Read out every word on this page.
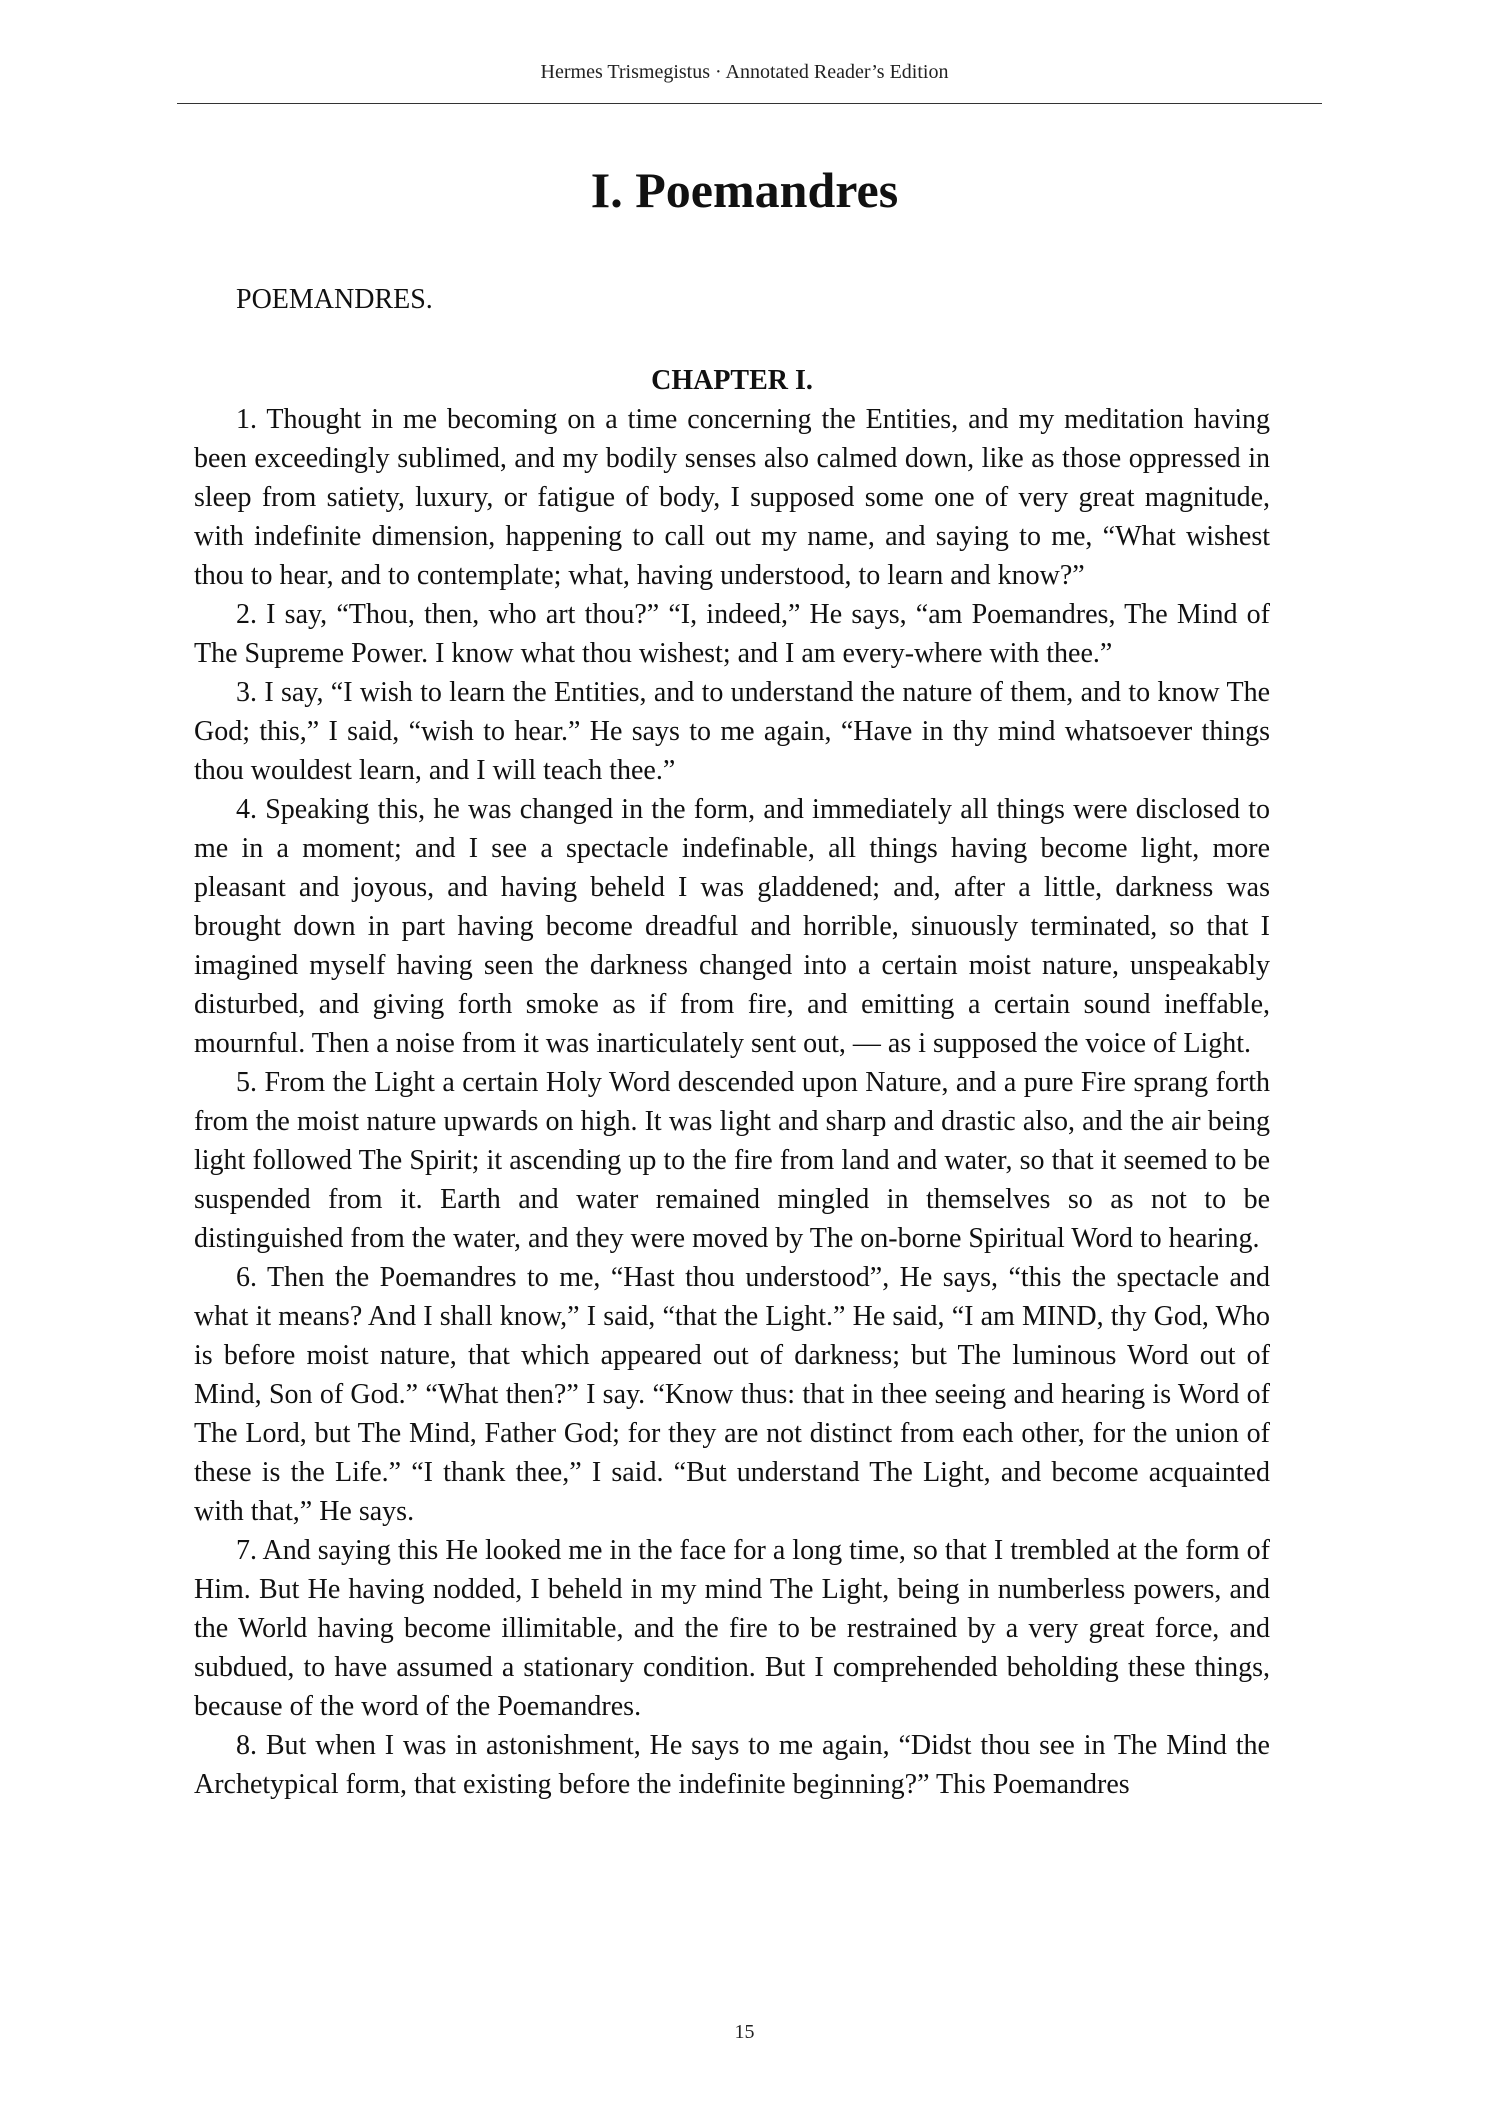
Hermes Trismegistus · Annotated Reader’s Edition
I. Poemandres

POEMANDRES.

CHAPTER I.

1. Thought in me becoming on a time concerning the Entities, and my meditation having been exceedingly sublimed, and my bodily senses also calmed down, like as those oppressed in sleep from satiety, luxury, or fatigue of body, I supposed some one of very great magnitude, with indefinite dimension, happening to call out my name, and saying to me, “What wishest thou to hear, and to contemplate; what, having understood, to learn and know?”

2. I say, “Thou, then, who art thou?” “I, indeed,” He says, “am Poemandres, The Mind of The Supreme Power. I know what thou wishest; and I am every-where with thee.”

3. I say, “I wish to learn the Entities, and to understand the nature of them, and to know The God; this,” I said, “wish to hear.” He says to me again, “Have in thy mind whatsoever things thou wouldest learn, and I will teach thee.”

4. Speaking this, he was changed in the form, and immediately all things were disclosed to me in a moment; and I see a spectacle indefinable, all things having become light, more pleasant and joyous, and having beheld I was gladdened; and, after a little, darkness was brought down in part having become dreadful and horrible, sinuously terminated, so that I imagined myself having seen the darkness changed into a certain moist nature, unspeakably disturbed, and giving forth smoke as if from fire, and emitting a certain sound ineffable, mournful. Then a noise from it was inarticulately sent out, — as i supposed the voice of Light.

5. From the Light a certain Holy Word descended upon Nature, and a pure Fire sprang forth from the moist nature upwards on high. It was light and sharp and drastic also, and the air being light followed The Spirit; it ascending up to the fire from land and water, so that it seemed to be suspended from it. Earth and water remained mingled in themselves so as not to be distinguished from the water, and they were moved by The on-borne Spiritual Word to hearing.

6. Then the Poemandres to me, “Hast thou understood”, He says, “this the spectacle and what it means? And I shall know,” I said, “that the Light.” He said, “I am MIND, thy God, Who is before moist nature, that which appeared out of darkness; but The luminous Word out of Mind, Son of God.” “What then?” I say. “Know thus: that in thee seeing and hearing is Word of The Lord, but The Mind, Father God; for they are not distinct from each other, for the union of these is the Life.” “I thank thee,” I said. “But understand The Light, and become acquainted with that,” He says.

7. And saying this He looked me in the face for a long time, so that I trembled at the form of Him. But He having nodded, I beheld in my mind The Light, being in numberless powers, and the World having become illimitable, and the fire to be restrained by a very great force, and subdued, to have assumed a stationary condition. But I comprehended beholding these things, because of the word of the Poemandres.

8. But when I was in astonishment, He says to me again, “Didst thou see in The Mind the Archetypical form, that existing before the indefinite beginning?” This Poemandres

15
